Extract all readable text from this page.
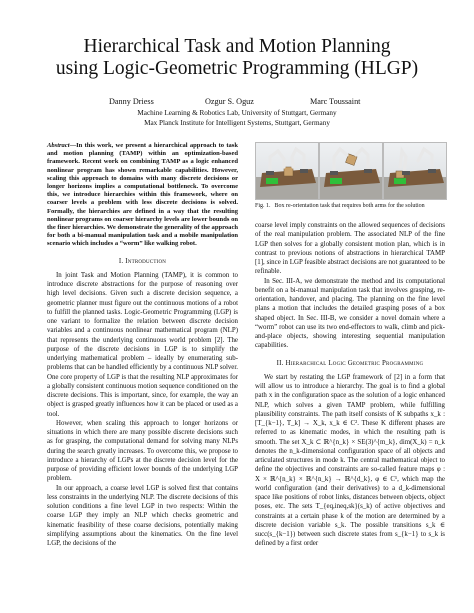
Hierarchical Task and Motion Planning
using Logic-Geometric Programming (HLGP)
Danny Driess	Ozgur S. Oguz	Marc Toussaint
Machine Learning & Robotics Lab, University of Stuttgart, Germany
Max Planck Institute for Intelligent Systems, Stuttgart, Germany
Abstract—In this work, we present a hierarchical approach to task and motion planning (TAMP) within an optimization-based framework. Recent work on combining TAMP as a logic enhanced nonlinear program has shown remarkable capabilities. However, scaling this approach to domains with many discrete decisions or longer horizons implies a computational bottleneck. To overcome this, we introduce hierarchies within this framework, where on coarser levels a problem with less discrete decisions is solved. Formally, the hierarchies are defined in a way that the resulting nonlinear programs on coarser hierarchy levels are lower bounds on the finer hierarchies. We demonstrate the generality of the approach for both a bi-manual manipulation task and a mobile manipulation scenario which includes a “worm” like walking robot.
I. Introduction

In joint Task and Motion Planning (TAMP), it is common to introduce discrete abstractions for the purpose of reasoning over high level decisions. Given such a discrete decision sequence, a geometric planner must figure out the continuous motions of a robot to fulfill the planned tasks. Logic-Geometric Programming (LGP) is one variant to formalize the relation between discrete decision variables and a continuous nonlinear mathematical program (NLP) that represents the underlying continuous world problem [2]. The purpose of the discrete decisions in LGP is to simplify the underlying mathematical problem – ideally by enumerating sub-problems that can be handled efficiently by a continuous NLP solver. One core property of LGP is that the resulting NLP approximates for a globally consistent continuous motion sequence conditioned on the discrete decisions. This is important, since, for example, the way an object is grasped greatly influences how it can be placed or used as a tool.

However, when scaling this approach to longer horizons or situations in which there are many possible discrete decisions such as for grasping, the computational demand for solving many NLPs during the search greatly increases. To overcome this, we propose to introduce a hierarchy of LGPs at the discrete decision level for the purpose of providing efficient lower bounds of the underlying LGP problem.

In our approach, a coarse level LGP is solved first that contains less constraints in the underlying NLP. The discrete decisions of this solution conditions a fine level LGP in two respects: Within the coarse LGP they imply an NLP which checks geometric and kinematic feasibility of these coarse decisions, potentially making simplifying assumptions about the kinematics. On the fine level LGP, the decisions of the

Fig. 1. Box re-orientation task that requires both arms for the solution

coarse level imply constraints on the allowed sequences of decisions of the real manipulation problem. The associated NLP of the fine LGP then solves for a globally consistent motion plan, which is in contrast to previous notions of abstractions in hierarchical TAMP [1], since in LGP feasible abstract decisions are not guaranteed to be refinable.

In Sec. III-A, we demonstrate the method and its computational benefit on a bi-manual manipulation task that involves grasping, re-orientation, handover, and placing. The planning on the fine level plans a motion that includes the detailed grasping poses of a box shaped object. In Sec. III-B, we consider a novel domain where a “worm” robot can use its two end-effectors to walk, climb and pick-and-place objects, showing interesting sequential manipulation capabilities.

II. Hierarchical Logic Geometric Programming

We start by restating the LGP framework of [2] in a form that will allow us to introduce a hierarchy. The goal is to find a global path x in the configuration space as the solution of a logic enhanced NLP, which solves a given TAMP problem, while fulfilling plausibility constraints. The path itself consists of K subpaths x_k : [T_{k−1}, T_k] → X_k, x_k ∈ C². These K different phases are referred to as kinematic modes, in which the resulting path is smooth. The set X_k ⊂ ℝ^{n_k} × SE(3)^{m_k}, dim(X_k) = n_k denotes the n_k-dimensional configuration space of all objects and articulated structures in mode k. The central mathematical object to define the objectives and constraints are so-called feature maps φ : X × ℝ^{n_k} × ℝ^{n_k} → ℝ^{d_k}, φ ∈ C¹, which map the world configuration (and their derivatives) to a d_k-dimensional space like positions of robot links, distances between objects, object poses, etc. The sets T_{eq,ineq,sk}(s_k) of active objectives and constraints at a certain phase k of the motion are determined by a discrete decision variable s_k. The possible transitions s_k ∈ succ(s_{k−1}) between such discrete states from s_{k−1} to s_k is defined by a first order
